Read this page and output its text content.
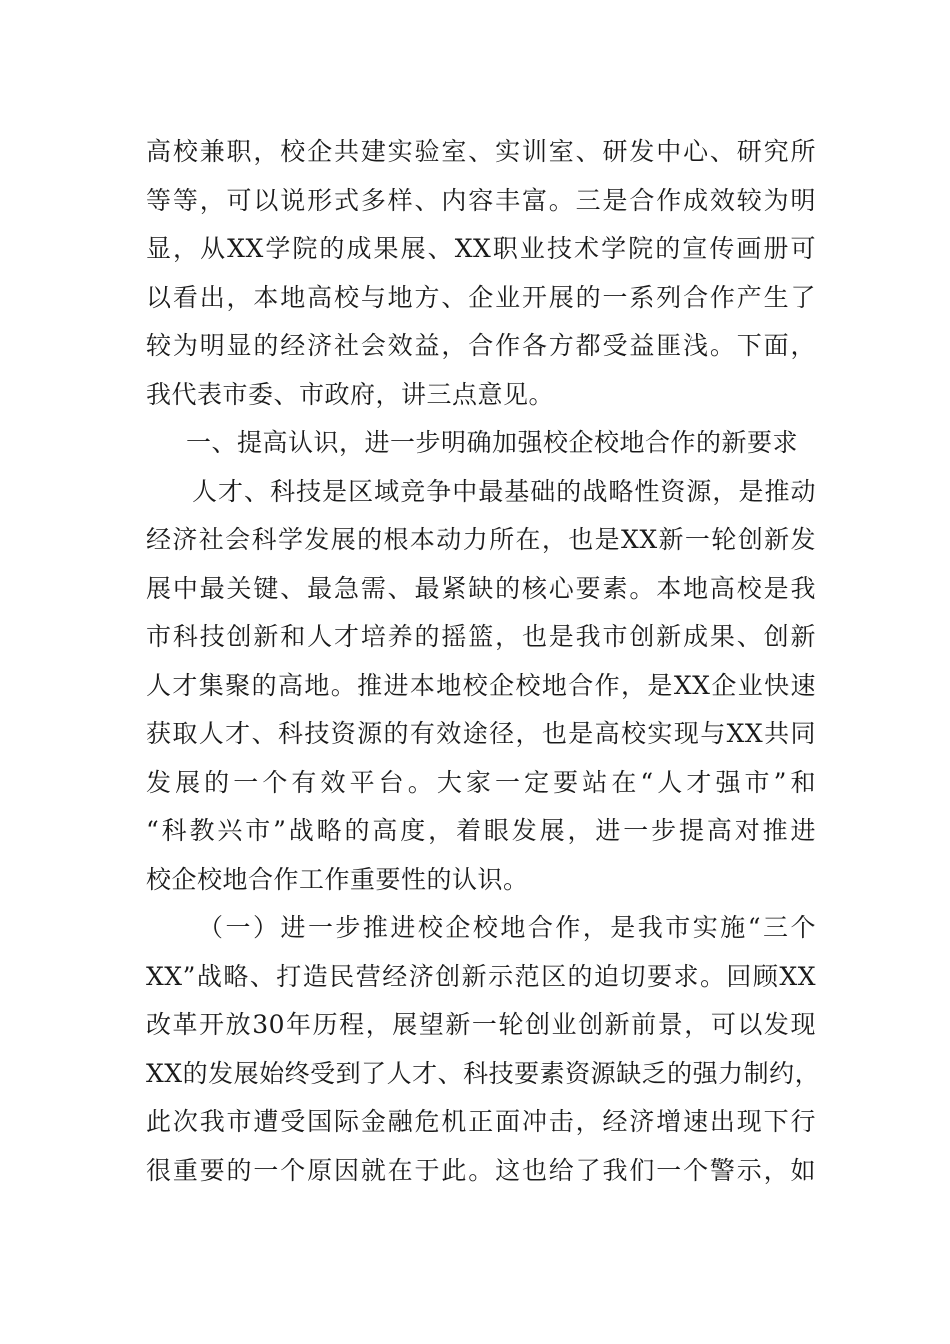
高校兼职，校企共建实验室、实训室、研发中心、研究所
等等，可以说形式多样、内容丰富。三是合作成效较为明
显，从XX学院的成果展、XX职业技术学院的宣传画册可
以看出，本地高校与地方、企业开展的一系列合作产生了
较为明显的经济社会效益，合作各方都受益匪浅。下面，
我代表市委、市政府，讲三点意见。
一、提高认识，进一步明确加强校企校地合作的新要求
人才、科技是区域竞争中最基础的战略性资源，是推动
经济社会科学发展的根本动力所在，也是XX新一轮创新发
展中最关键、最急需、最紧缺的核心要素。本地高校是我
市科技创新和人才培养的摇篮，也是我市创新成果、创新
人才集聚的高地。推进本地校企校地合作，是XX企业快速
获取人才、科技资源的有效途径，也是高校实现与XX共同
发展的一个有效平台。大家一定要站在“人才强市”和
“科教兴市”战略的高度，着眼发展，进一步提高对推进
校企校地合作工作重要性的认识。
（一）进一步推进校企校地合作，是我市实施“三个
XX”战略、打造民营经济创新示范区的迫切要求。回顾XX
改革开放30年历程，展望新一轮创业创新前景，可以发现
XX的发展始终受到了人才、科技要素资源缺乏的强力制约，
此次我市遭受国际金融危机正面冲击，经济增速出现下行
很重要的一个原因就在于此。这也给了我们一个警示，如
